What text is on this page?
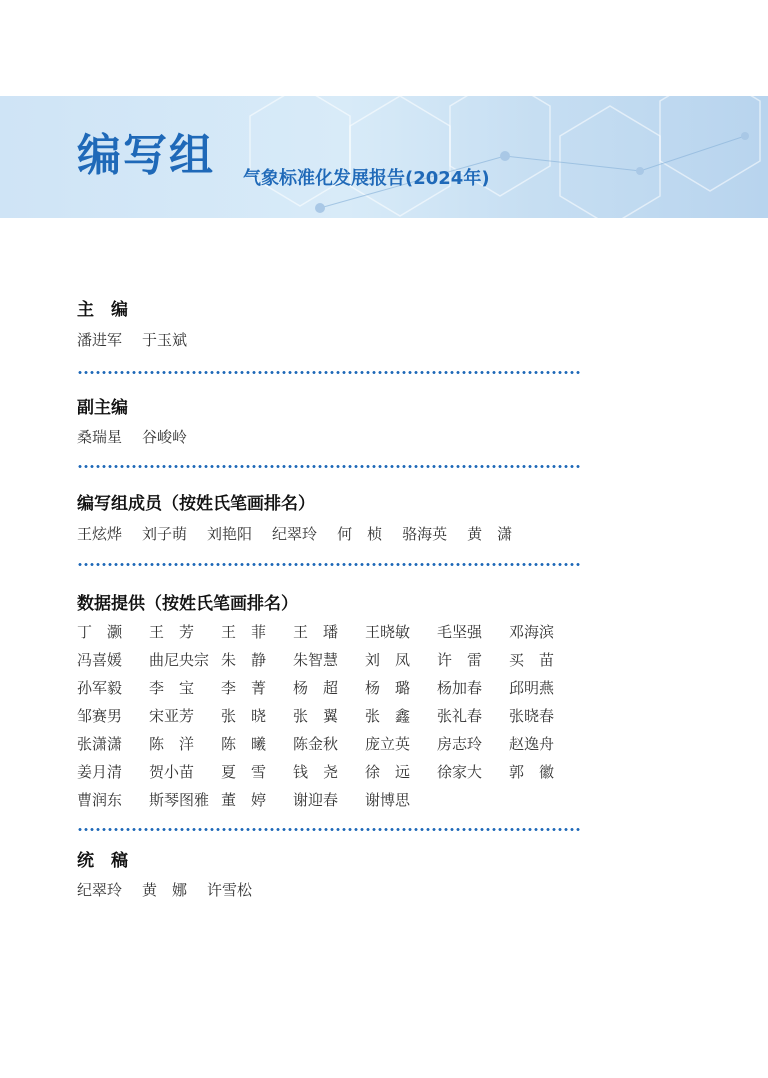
编写组 气象标准化发展报告(2024年)
主　编
潘进军 于玉斌
副主编
桑瑞星 谷峻岭
编写组成员（按姓氏笔画排名）
王炫烨 刘子萌 刘艳阳 纪翠玲 何　桢 骆海英 黄　潇
数据提供（按姓氏笔画排名）
丁　灏	王　芳	王　菲	王　璠	王晓敏	毛坚强	邓海滨
冯喜媛	曲尼央宗 朱　静	朱智慧	刘　凤	许　雷	买　苗
孙军毅	李　宝	李　菁	杨　超	杨　璐	杨加春	邱明燕
邹赛男	宋亚芳	张　晓	张　翼	张　鑫	张礼春	张晓春
张潇潇	陈　洋	陈　曦	陈金秋	庞立英	房志玲	赵逸舟
姜月清	贺小苗	夏　雪	钱　尧	徐　远	徐家大	郭　徽
曹润东	斯琴图雅 董　婷	谢迎春	谢博思
统　稿
纪翠玲 黄　娜 许雪松
